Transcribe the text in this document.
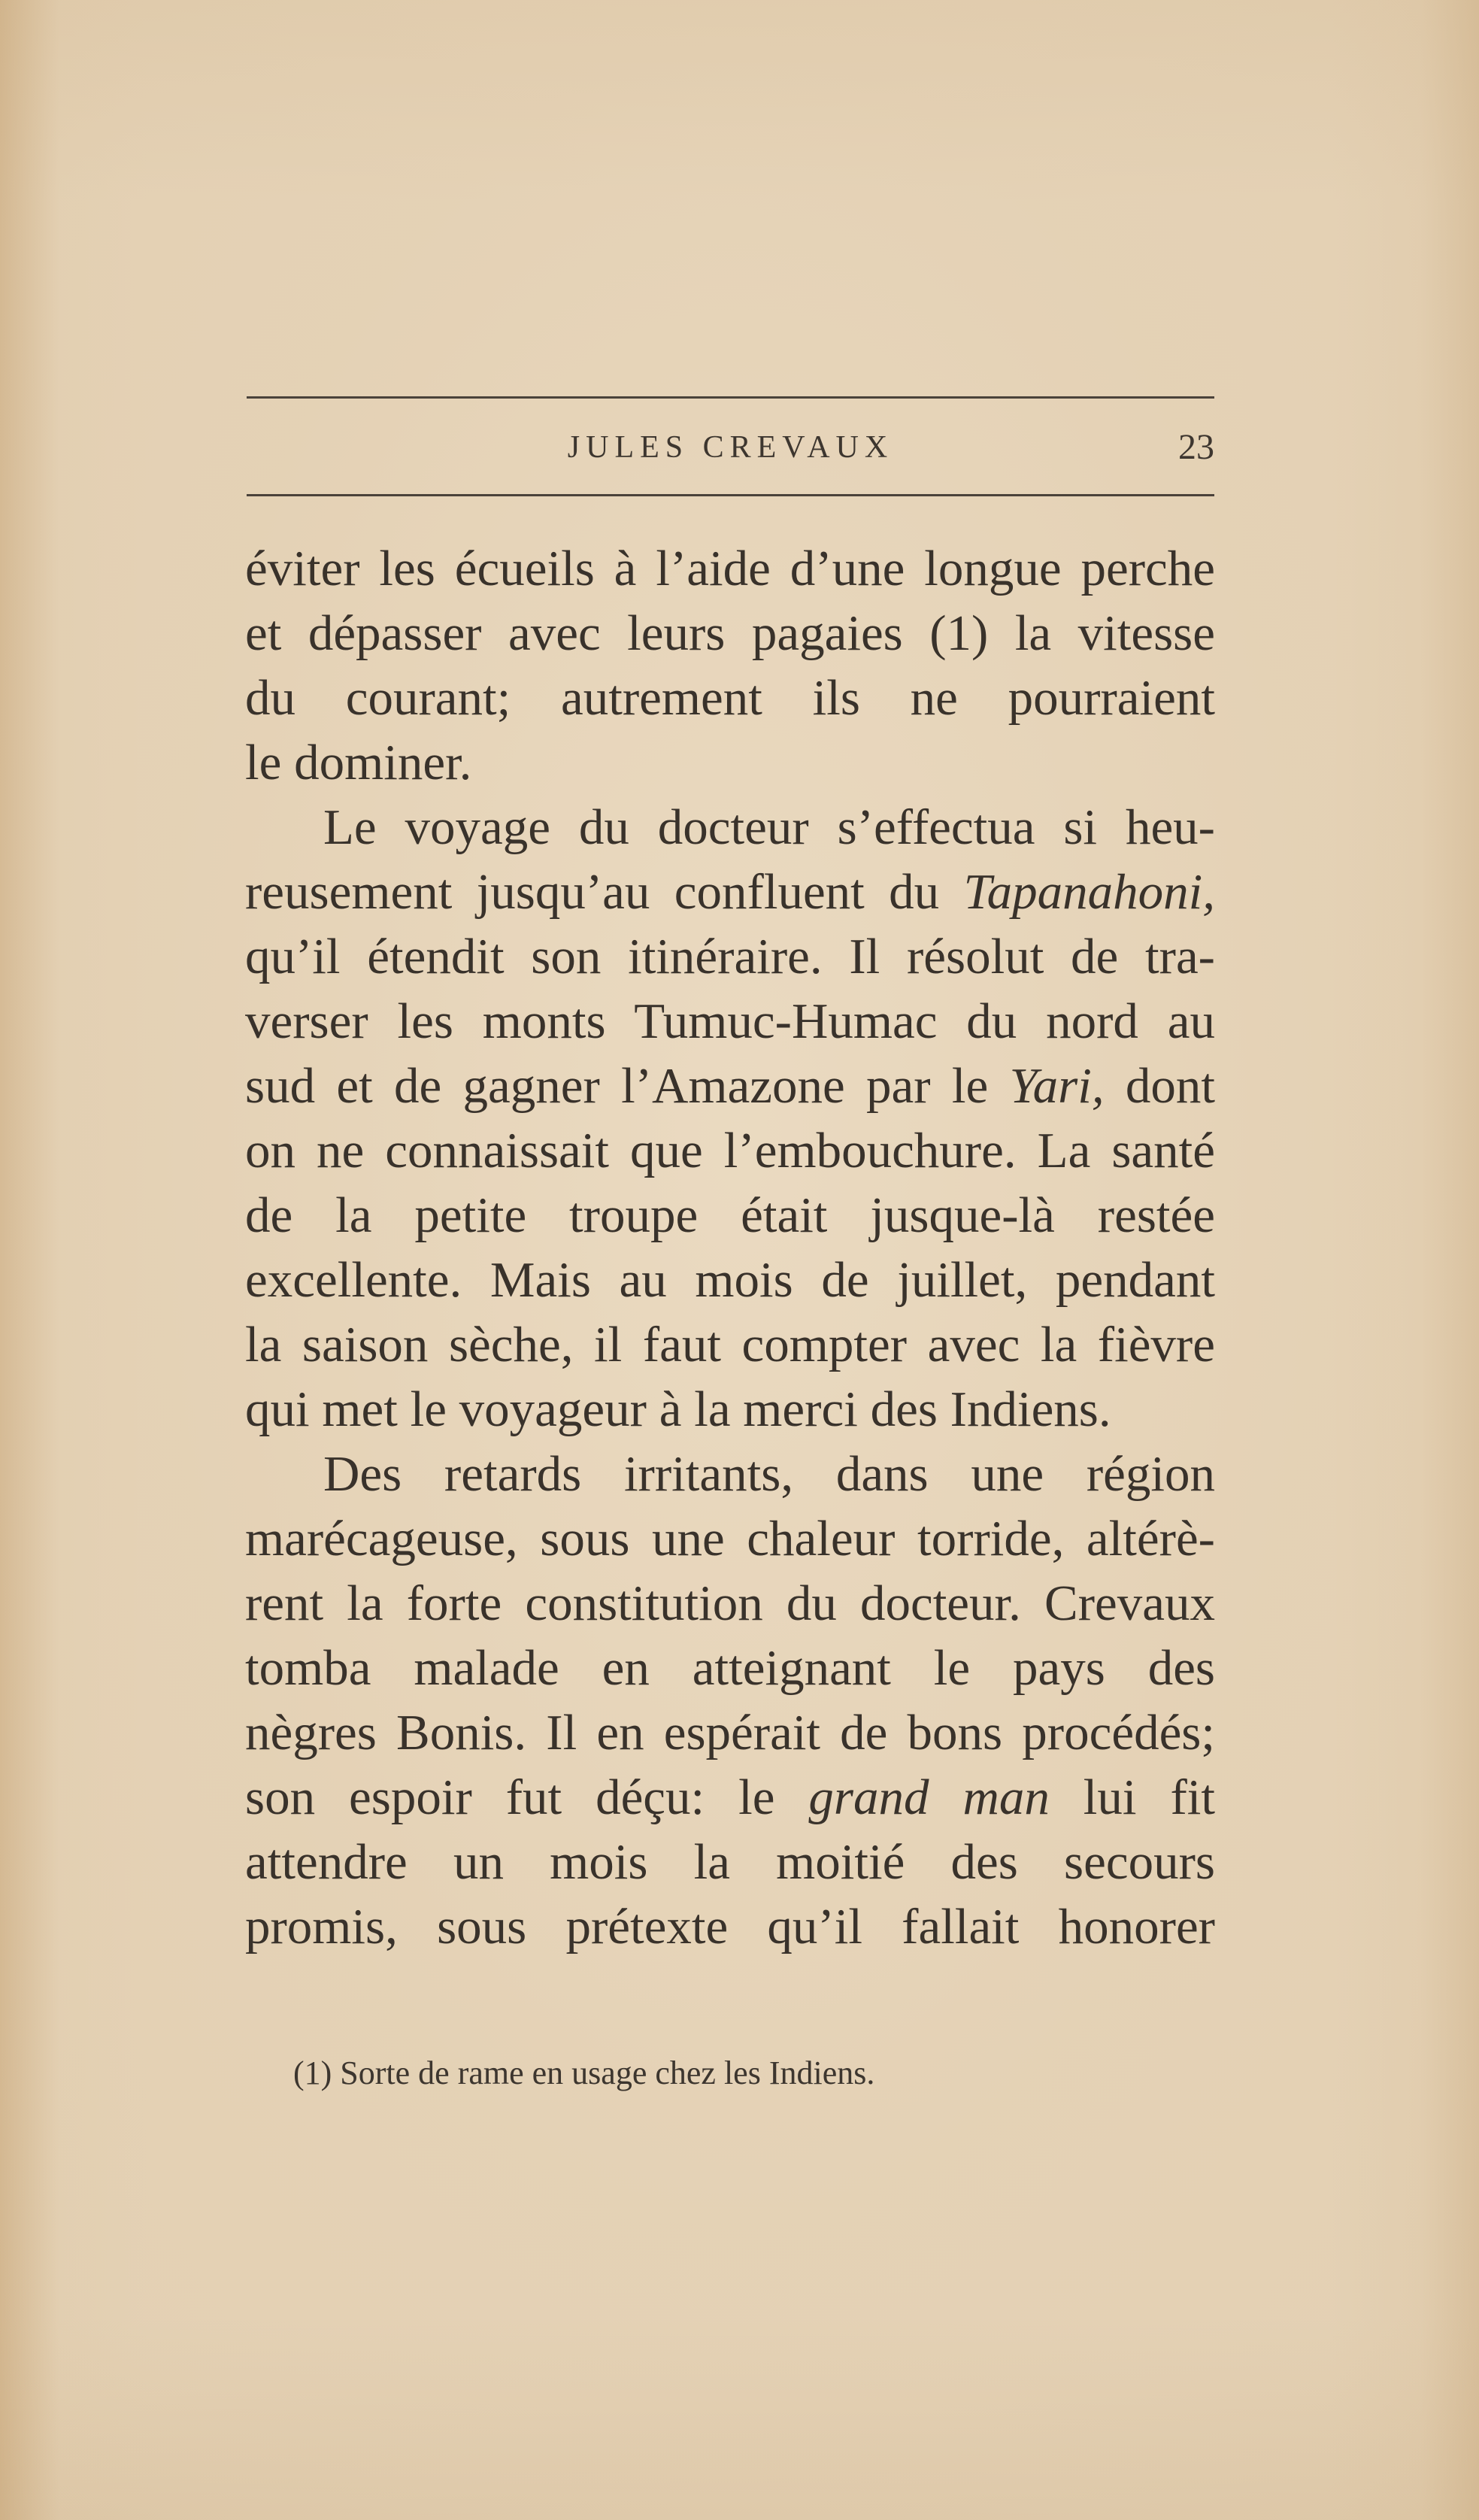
JULES CREVAUX	23
éviter les écueils à l’aide d’une longue perche
et dépasser avec leurs pagaies (1) la vitesse
du courant; autrement ils ne pourraient
le dominer.
Le voyage du docteur s’effectua si heu-
reusement jusqu’au confluent du Tapanahoni,
qu’il étendit son itinéraire. Il résolut de tra-
verser les monts Tumuc-Humac du nord au
sud et de gagner l’Amazone par le Yari, dont
on ne connaissait que l’embouchure. La santé
de la petite troupe était jusque-là restée
excellente. Mais au mois de juillet, pendant
la saison sèche, il faut compter avec la fièvre
qui met le voyageur à la merci des Indiens.
Des retards irritants, dans une région
marécageuse, sous une chaleur torride, altérè-
rent la forte constitution du docteur. Crevaux
tomba malade en atteignant le pays des
nègres Bonis. Il en espérait de bons procédés;
son espoir fut déçu: le grand man lui fit
attendre un mois la moitié des secours
promis, sous prétexte qu’il fallait honorer
(1) Sorte de rame en usage chez les Indiens.
